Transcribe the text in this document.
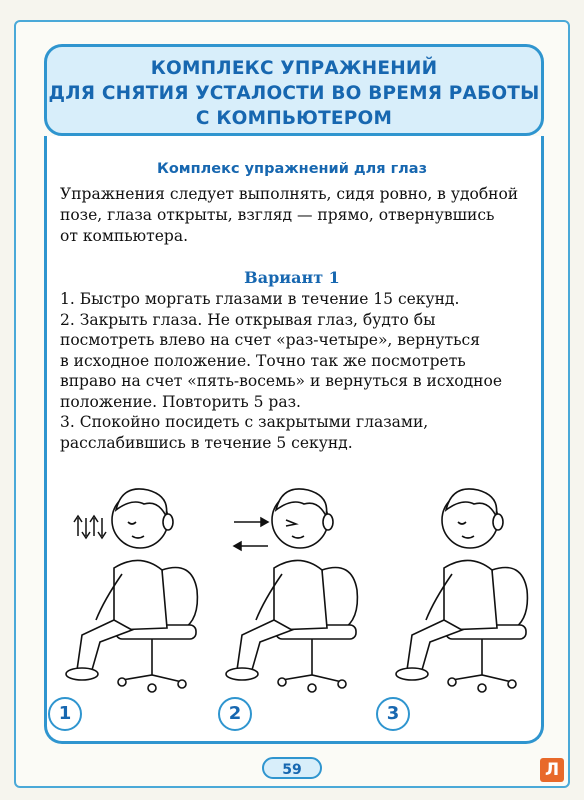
КОМПЛЕКС УПРАЖНЕНИЙ
ДЛЯ СНЯТИЯ УСТАЛОСТИ ВО ВРЕМЯ РАБОТЫ
С КОМПЬЮТЕРОМ
Комплекс упражнений для глаз
Упражнения следует выполнять, сидя ровно, в удобной
позе, глаза открыты, взгляд — прямо, отвернувшись
от компьютера.
Вариант 1

1. Быстро моргать глазами в течение 15 секунд.

2. Закрыть глаза. Не открывая глаз, будто бы

посмотреть влево на счет «раз-четыре», вернуться

в исходное положение. Точно так же посмотреть

вправо на счет «пять-восемь» и вернуться в исходное

положение. Повторить 5 раз.

3. Спокойно посидеть с закрытыми глазами,

расслабившись в течение 5 секунд.

1	2	3
59	Л
